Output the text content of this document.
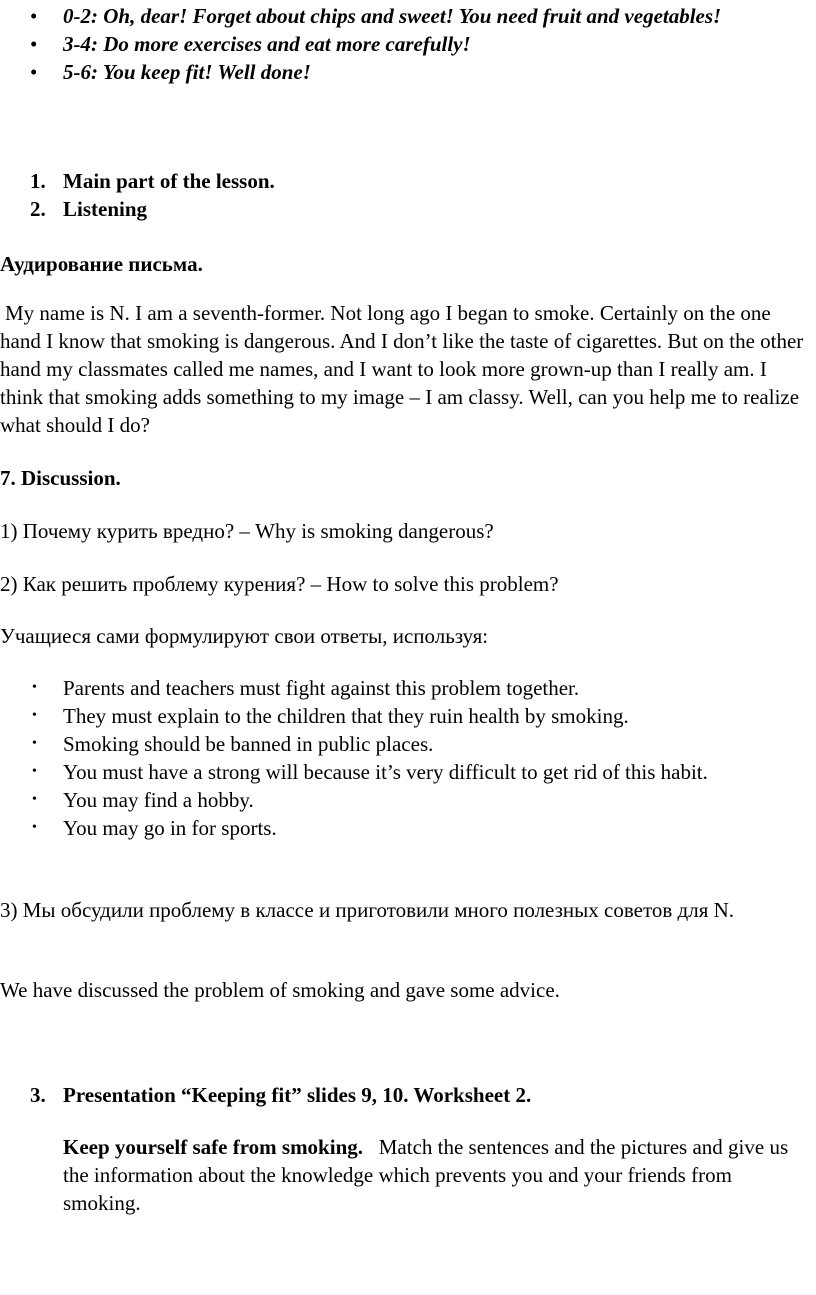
• 0-2: Oh, dear! Forget about chips and sweet! You need fruit and vegetables!
• 3-4: Do more exercises and eat more carefully!
• 5-6: You keep fit! Well done!
1. Main part of the lesson.
2. Listening

Аудирование письма.

My name is N. I am a seventh-former. Not long ago I began to smoke. Certainly on the one hand I know that smoking is dangerous. And I don’t like the taste of cigarettes. But on the other hand my classmates called me names, and I want to look more grown-up than I really am. I think that smoking adds something to my image – I am classy. Well, can you help me to realize what should I do?

7. Discussion.

1) Почему курить вредно? – Why is smoking dangerous?

2) Как решить проблему курения? – How to solve this problem?

Учащиеся сами формулируют свои ответы, используя:

• Parents and teachers must fight against this problem together.
• They must explain to the children that they ruin health by smoking.
• Smoking should be banned in public places.
• You must have a strong will because it’s very difficult to get rid of this habit.
• You may find a hobby.
• You may go in for sports.

3) Мы обсудили проблему в классе и приготовили много полезных советов для N.

We have discussed the problem of smoking and gave some advice.

3. Presentation “Keeping fit” slides 9, 10. Worksheet 2.

Keep yourself safe from smoking.   Match the sentences and the pictures and give us the information about the knowledge which prevents you and your friends from smoking.
